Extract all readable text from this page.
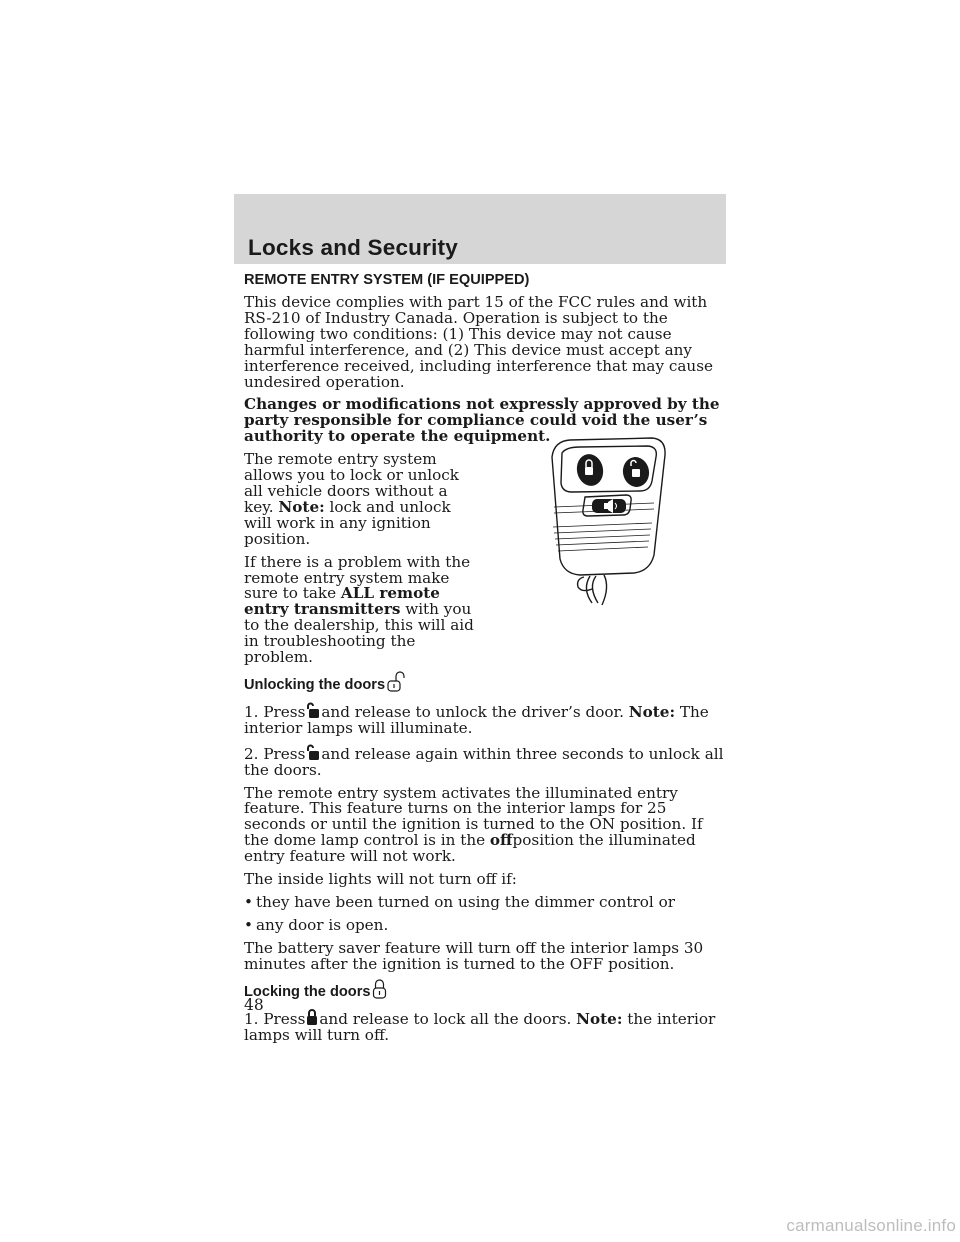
Locks and Security
REMOTE ENTRY SYSTEM (IF EQUIPPED)

This device complies with part 15 of the FCC rules and with RS-210 of Industry Canada. Operation is subject to the following two conditions: (1) This device may not cause harmful interference, and (2) This device must accept any interference received, including interference that may cause undesired operation.

Changes or modifications not expressly approved by the party responsible for compliance could void the user’s authority to operate the equipment.

The remote entry system allows you to lock or unlock all vehicle doors without a key. Note: lock and unlock will work in any ignition position.

If there is a problem with the remote entry system make sure to take ALL remote entry transmitters with you to the dealership, this will aid in troubleshooting the problem.

Unlocking the doors

1. Press and release to unlock the driver’s door. Note: The interior lamps will illuminate.

2. Press and release again within three seconds to unlock all the doors.

The remote entry system activates the illuminated entry feature. This feature turns on the interior lamps for 25 seconds or until the ignition is turned to the ON position. If the dome lamp control is in the offposition the illuminated entry feature will not work.

The inside lights will not turn off if:

• they have been turned on using the dimmer control or
• any door is open.

The battery saver feature will turn off the interior lamps 30 minutes after the ignition is turned to the OFF position.

Locking the doors

1. Press and release to lock all the doors. Note: the interior lamps will turn off.

48
carmanualsonline.info
